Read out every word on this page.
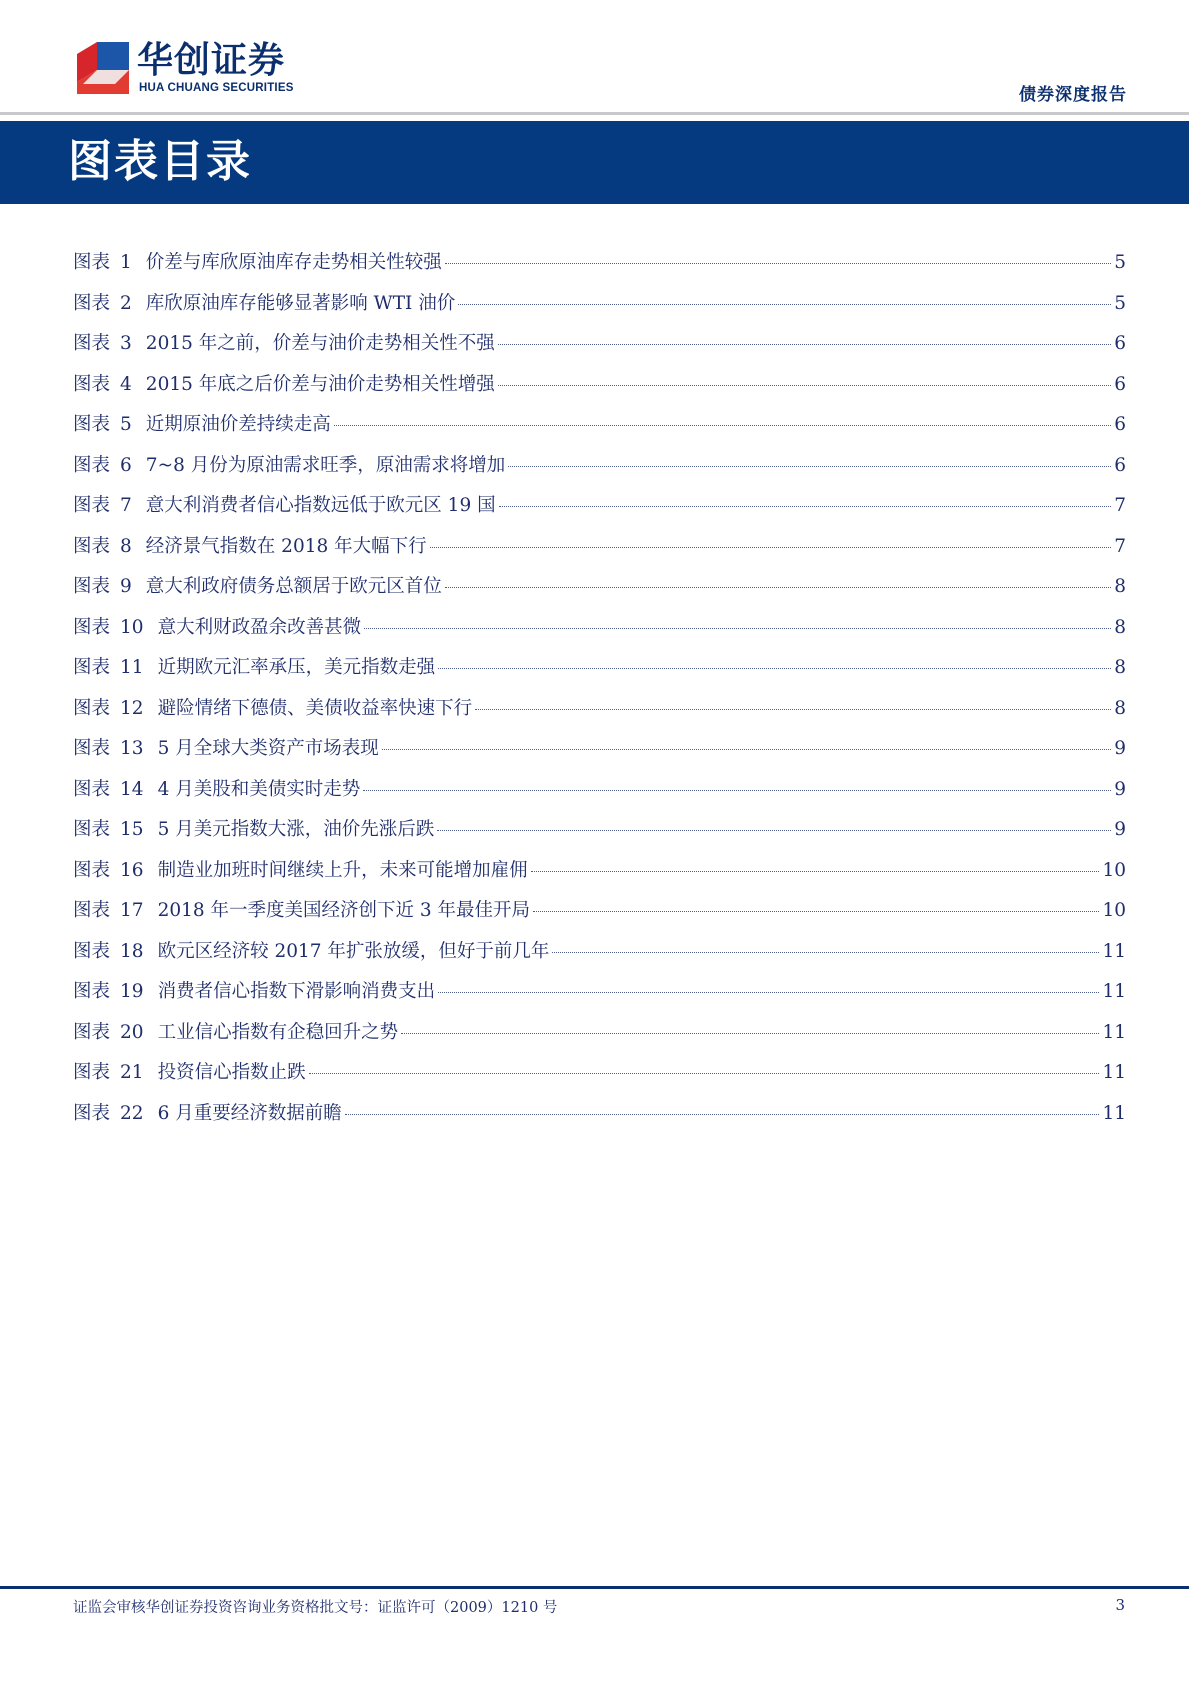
华创证券
HUA CHUANG SECURITIES	债券深度报告
图表目录
图表 1 价差与库欣原油库存走势相关性较强	5
图表 2 库欣原油库存能够显著影响 WTI 油价	5
图表 3 2015 年之前，价差与油价走势相关性不强	6
图表 4 2015 年底之后价差与油价走势相关性增强	6
图表 5 近期原油价差持续走高	6
图表 6 7~8 月份为原油需求旺季，原油需求将增加	6
图表 7 意大利消费者信心指数远低于欧元区 19 国	7
图表 8 经济景气指数在 2018 年大幅下行	7
图表 9 意大利政府债务总额居于欧元区首位	8
图表 10 意大利财政盈余改善甚微	8
图表 11 近期欧元汇率承压，美元指数走强	8
图表 12 避险情绪下德债、美债收益率快速下行	8
图表 13 5 月全球大类资产市场表现	9
图表 14 4 月美股和美债实时走势	9
图表 15 5 月美元指数大涨，油价先涨后跌	9
图表 16 制造业加班时间继续上升，未来可能增加雇佣	10
图表 17 2018 年一季度美国经济创下近 3 年最佳开局	10
图表 18 欧元区经济较 2017 年扩张放缓，但好于前几年	11
图表 19 消费者信心指数下滑影响消费支出	11
图表 20 工业信心指数有企稳回升之势	11
图表 21 投资信心指数止跌	11
图表 22 6 月重要经济数据前瞻	11
证监会审核华创证券投资咨询业务资格批文号：证监许可（2009）1210 号	3
